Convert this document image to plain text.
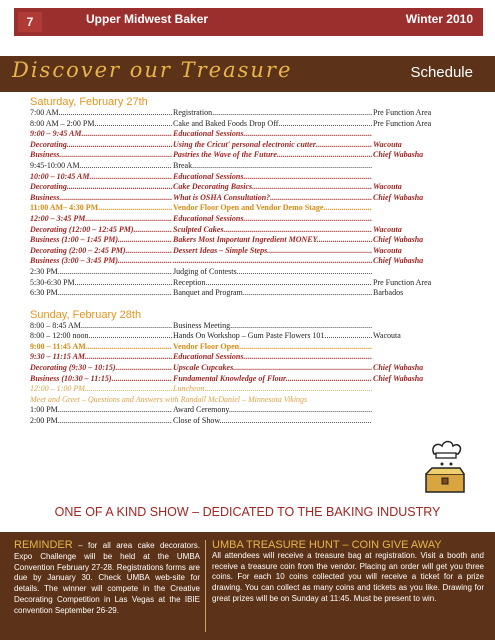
7	Upper Midwest Baker	Winter 2010
Discover our Treasure	Schedule
Saturday, February 27th
7:00 AM .....	Registration .....	Pre Function Area
8:00 AM – 2:00 PM .....	Cake and Baked Foods Drop Off .....	Pre Function Area
9:00 – 9:45 AM .....	Educational Sessions .....
Decorating .....	Using the Cricut' personal electronic cutter .....	Wacouta
Business .....	Pastries the Wave of the Future .....	Chief Wabasha
9:45-10:00 AM .....	Break .....
10:00 – 10:45 AM .....	Educational Sessions .....
Decorating .....	Cake Decorating Basics .....	Wacouta
Business .....	What is OSHA Consultation? .....	Chief Wabasha
11:00 AM– 4:30 PM .....	Vendor Floor Open and Vendor Demo Stage .....
12:00 – 3:45 PM .....	Educational Sessions .....
Decorating (12:00 – 12:45 PM) .....	Sculpted Cakes .....	Wacouta
Business (1:00 – 1:45 PM) .....	Bakers Most Important Ingredient MONEY .....	Chief Wabasha
Decorating (2:00 – 2:45 PM) .....	Dessert Ideas – Simple Steps .....	Wacouta
Business (3:00 – 3:45 PM) .....
.....	Chief Wabasha
2:30 PM .....	Judging of Contests .....
5:30-6:30 PM .....	Reception .....	Pre Function Area
6:30 PM .....	Banquet and Program .....	Barbados
Sunday, February 28th
8:00 – 8:45 AM .....	Business Meeting .....
8:00 – 12:00 noon .....	Hands On Workshop – Gum Paste Flowers 101 .....	Wacouta
9:00 – 11:45 AM .....	Vendor Floor Open .....
9:30 – 11:15 AM .....	Educational Sessions .....
Decorating (9:30 – 10:15) .....	Upscale Cupcakes .....	Chief Wabasha
Business (10:30 – 11:15) .....	Fundamental Knowledge of Flour .....	Chief Wabasha
12:00 – 1:00 PM .....	Luncheon .....
Meet and Greet – Questions and Answers with Randall McDaniel – Minnesota Vikings
1:00 PM .....	Award Ceremony .....
2:00 PM .....	Close of Show .....
ONE OF A KIND SHOW – DEDICATED TO THE BAKING INDUSTRY
REMINDER – for all area cake decorators. Expo Challenge will be held at the UMBA Convention February 27-28. Registrations forms are due by January 30. Check UMBA web-site for details. The winner will compete in the Creative Decorating Competition in Las Vegas at the IBIE convention September 26-29.
UMBA TREASURE HUNT – COIN GIVE AWAY
All attendees will receive a treasure bag at registration. Visit a booth and receive a treasure coin from the vendor. Placing an order will get you three coins. For each 10 coins collected you will receive a ticket for a prize drawing. You can collect as many coins and tickets as you like. Drawing for great prizes will be on Sunday at 11:45. Must be present to win.
